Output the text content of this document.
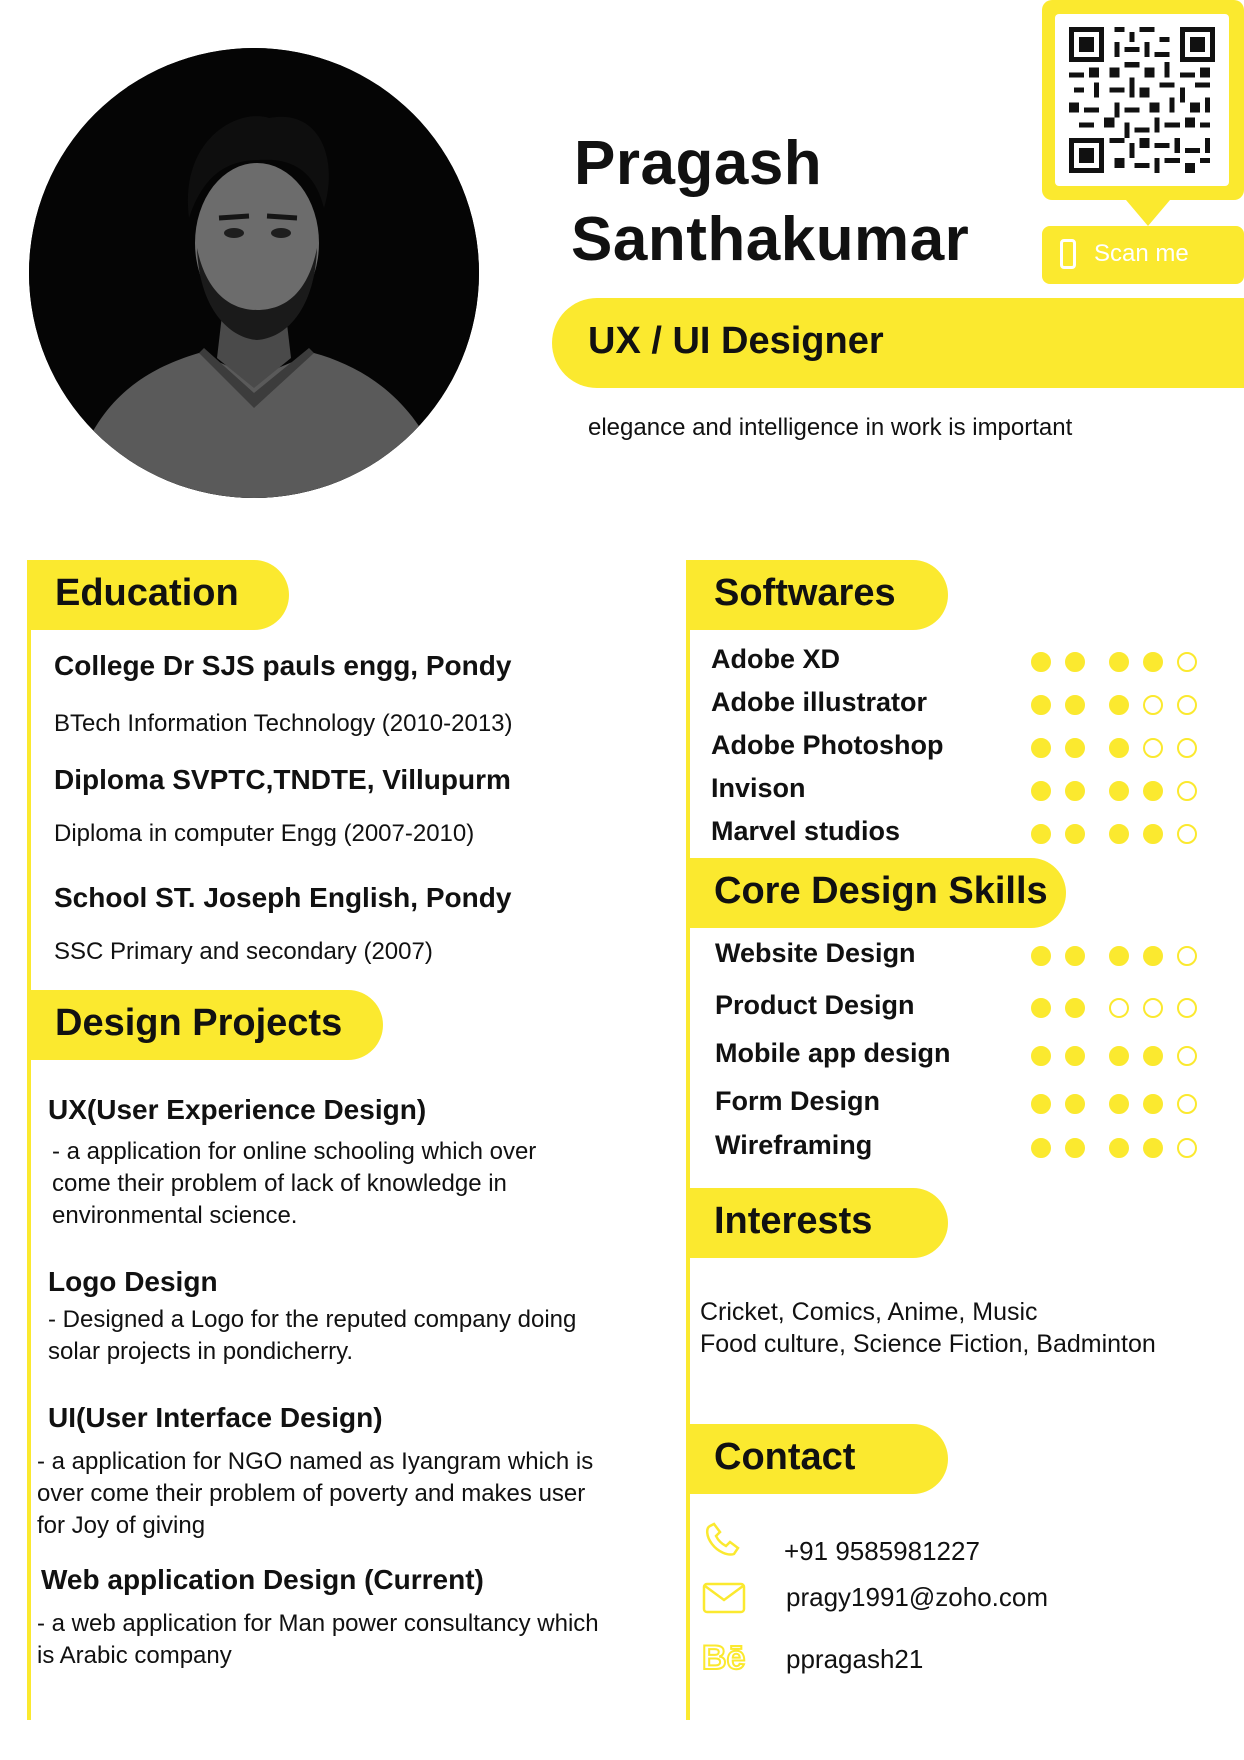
Pragash
Santhakumar	Scan me
UX / UI Designer
elegance and intelligence in work is important
Education
College Dr SJS pauls engg, Pondy
BTech Information Technology (2010-2013)
Diploma SVPTC,TNDTE, Villupurm
Diploma in computer Engg (2007-2010)
School ST. Joseph English, Pondy
SSC Primary and secondary (2007)
Design Projects
UX(User Experience Design)
- a application for online schooling which over
come their problem of lack of knowledge in
environmental science.
Logo Design
- Designed a Logo for the reputed company doing
solar projects in pondicherry.
UI(User Interface Design)
- a application for NGO named as Iyangram which is
over come their problem of poverty and makes user
for Joy of giving
Web application Design (Current)
- a web application for Man power consultancy which
is Arabic company
Softwares
Adobe XD
Adobe illustrator
Adobe Photoshop
Invison
Marvel studios
Core Design Skills
Website Design
Product Design
Mobile app design
Form Design
Wireframing
Interests
Cricket, Comics, Anime, Music
Food culture, Science Fiction, Badminton
Contact
+91 9585981227
pragy1991@zoho.com
Bē ppragash21
